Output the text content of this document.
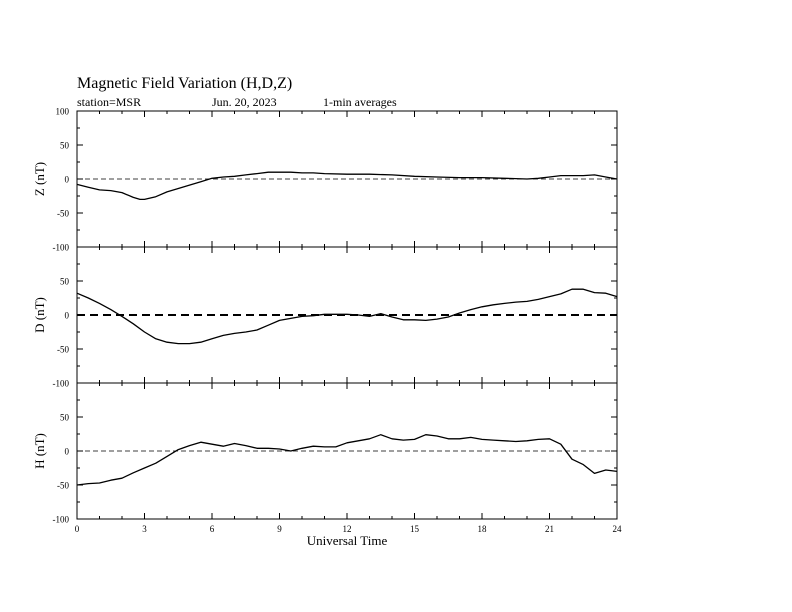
Magnetic Field Variation (H,D,Z)
station=MSR	Jun. 20, 2023	1-min averages
-100
-50
0
50
100
Z (nT)
-100
-50
0
50
D (nT)
-100
-50
0
50
H (nT)
0	3	6	9	12	15	18	21	24
Universal Time
